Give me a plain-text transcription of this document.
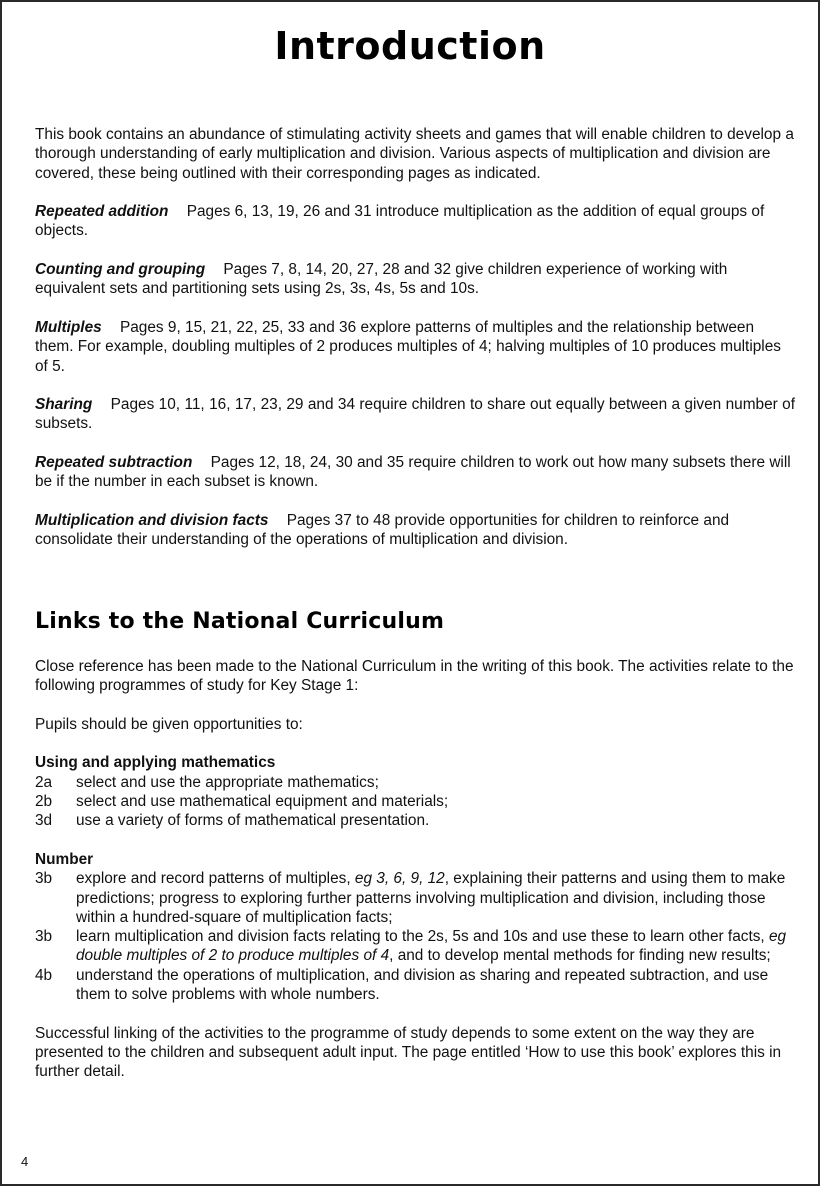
Introduction

This book contains an abundance of stimulating activity sheets and games that will enable children to develop a thorough understanding of early multiplication and division. Various aspects of multiplication and division are covered, these being outlined with their corresponding pages as indicated.

Repeated addition Pages 6, 13, 19, 26 and 31 introduce multiplication as the addition of equal groups of objects.

Counting and grouping Pages 7, 8, 14, 20, 27, 28 and 32 give children experience of working with equivalent sets and partitioning sets using 2s, 3s, 4s, 5s and 10s.

Multiples Pages 9, 15, 21, 22, 25, 33 and 36 explore patterns of multiples and the relationship between them. For example, doubling multiples of 2 produces multiples of 4; halving multiples of 10 produces multiples of 5.

Sharing Pages 10, 11, 16, 17, 23, 29 and 34 require children to share out equally between a given number of subsets.

Repeated subtraction Pages 12, 18, 24, 30 and 35 require children to work out how many subsets there will be if the number in each subset is known.

Multiplication and division facts Pages 37 to 48 provide opportunities for children to reinforce and consolidate their understanding of the operations of multiplication and division.

Links to the National Curriculum

Close reference has been made to the National Curriculum in the writing of this book. The activities relate to the following programmes of study for Key Stage 1:

Pupils should be given opportunities to:

Using and applying mathematics

2a	select and use the appropriate mathematics;
2b	select and use mathematical equipment and materials;
3d	use a variety of forms of mathematical presentation.

Number

3b	explore and record patterns of multiples, eg 3, 6, 9, 12, explaining their patterns and using them to make predictions; progress to exploring further patterns involving multiplication and division, including those within a hundred-square of multiplication facts;
3b	learn multiplication and division facts relating to the 2s, 5s and 10s and use these to learn other facts, eg double multiples of 2 to produce multiples of 4, and to develop mental methods for finding new results;
4b	understand the operations of multiplication, and division as sharing and repeated subtraction, and use them to solve problems with whole numbers.

Successful linking of the activities to the programme of study depends to some extent on the way they are presented to the children and subsequent adult input. The page entitled ‘How to use this book’ explores this in further detail.

4
